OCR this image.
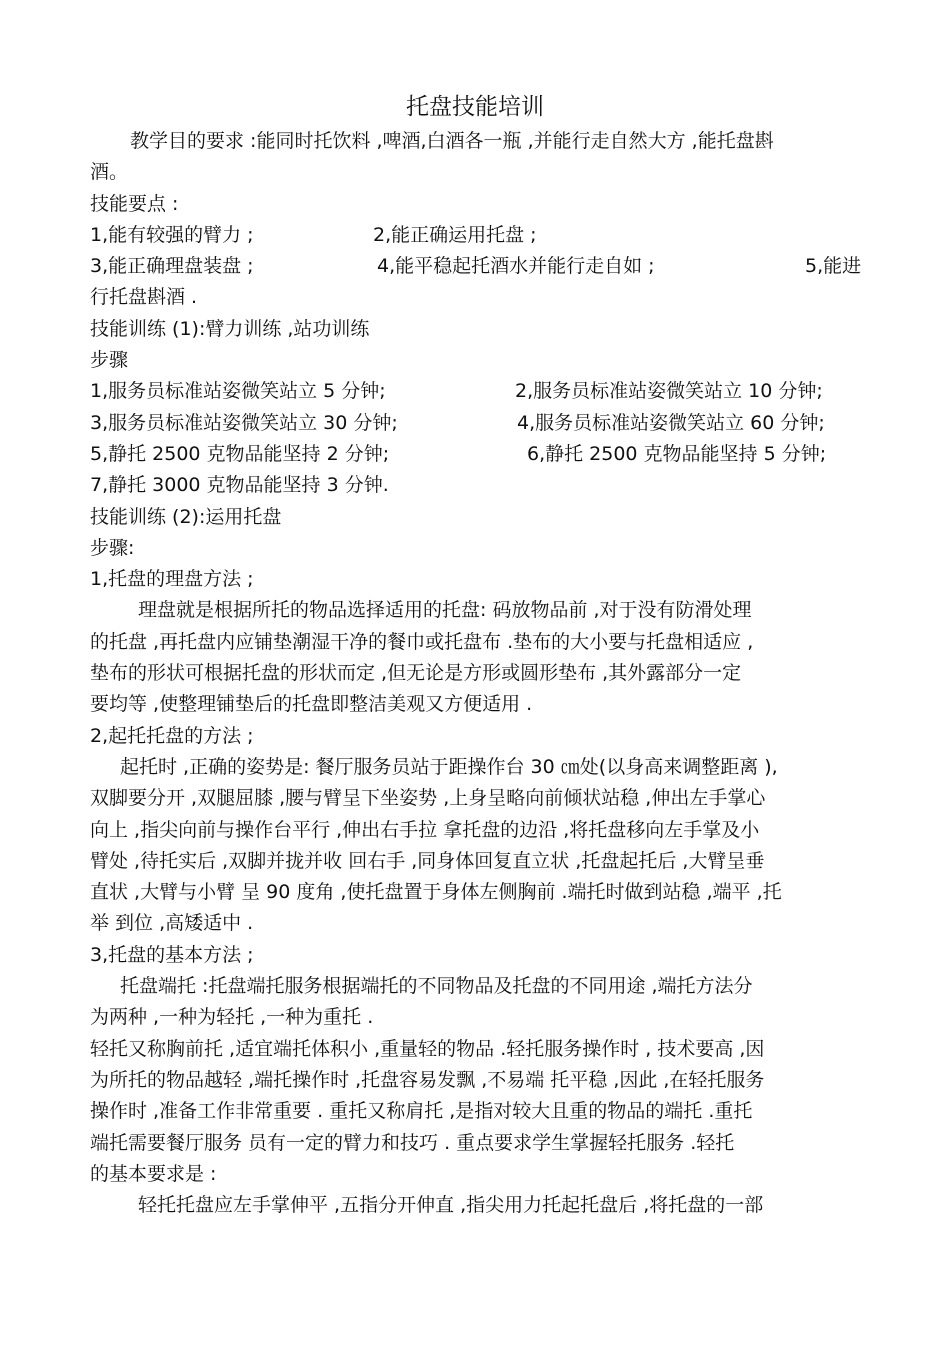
托盘技能培训
教学目的要求 :能同时托饮料 ,啤酒,白酒各一瓶 ,并能行走自然大方 ,能托盘斟
酒。
技能要点 :
1,能有较强的臂力 ;	2,能正确运用托盘 ;
3,能正确理盘装盘 ;	4,能平稳起托酒水并能行走自如 ;	5,能进
行托盘斟酒 .
技能训练 (1):臂力训练 ,站功训练
步骤
1,服务员标准站姿微笑站立 5 分钟;	2,服务员标准站姿微笑站立 10 分钟;
3,服务员标准站姿微笑站立 30 分钟;	4,服务员标准站姿微笑站立 60 分钟;
5,静托 2500 克物品能坚持 2 分钟;	6,静托 2500 克物品能坚持 5 分钟;
7,静托 3000 克物品能坚持 3 分钟.
技能训练 (2):运用托盘
步骤:
1,托盘的理盘方法 ;
理盘就是根据所托的物品选择适用的托盘: 码放物品前 ,对于没有防滑处理
的托盘 ,再托盘内应铺垫潮湿干净的餐巾或托盘布 .垫布的大小要与托盘相适应 ,
垫布的形状可根据托盘的形状而定 ,但无论是方形或圆形垫布 ,其外露部分一定
要均等 ,使整理铺垫后的托盘即整洁美观又方便适用 .
2,起托托盘的方法 ;
起托时 ,正确的姿势是: 餐厅服务员站于距操作台 30 ㎝处(以身高来调整距离 ),
双脚要分开 ,双腿屈膝 ,腰与臂呈下坐姿势 ,上身呈略向前倾状站稳 ,伸出左手掌心
向上 ,指尖向前与操作台平行 ,伸出右手拉 拿托盘的边沿 ,将托盘移向左手掌及小
臂处 ,待托实后 ,双脚并拢并收 回右手 ,同身体回复直立状 ,托盘起托后 ,大臂呈垂
直状 ,大臂与小臂 呈 90 度角 ,使托盘置于身体左侧胸前 .端托时做到站稳 ,端平 ,托
举 到位 ,高矮适中 .
3,托盘的基本方法 ;
托盘端托 :托盘端托服务根据端托的不同物品及托盘的不同用途 ,端托方法分
为两种 ,一种为轻托 ,一种为重托 .
轻托又称胸前托 ,适宜端托体积小 ,重量轻的物品 .轻托服务操作时 , 技术要高 ,因
为所托的物品越轻 ,端托操作时 ,托盘容易发飘 ,不易端 托平稳 ,因此 ,在轻托服务
操作时 ,准备工作非常重要 . 重托又称肩托 ,是指对较大且重的物品的端托 .重托
端托需要餐厅服务 员有一定的臂力和技巧 . 重点要求学生掌握轻托服务 .轻托
的基本要求是 :
轻托托盘应左手掌伸平 ,五指分开伸直 ,指尖用力托起托盘后 ,将托盘的一部
